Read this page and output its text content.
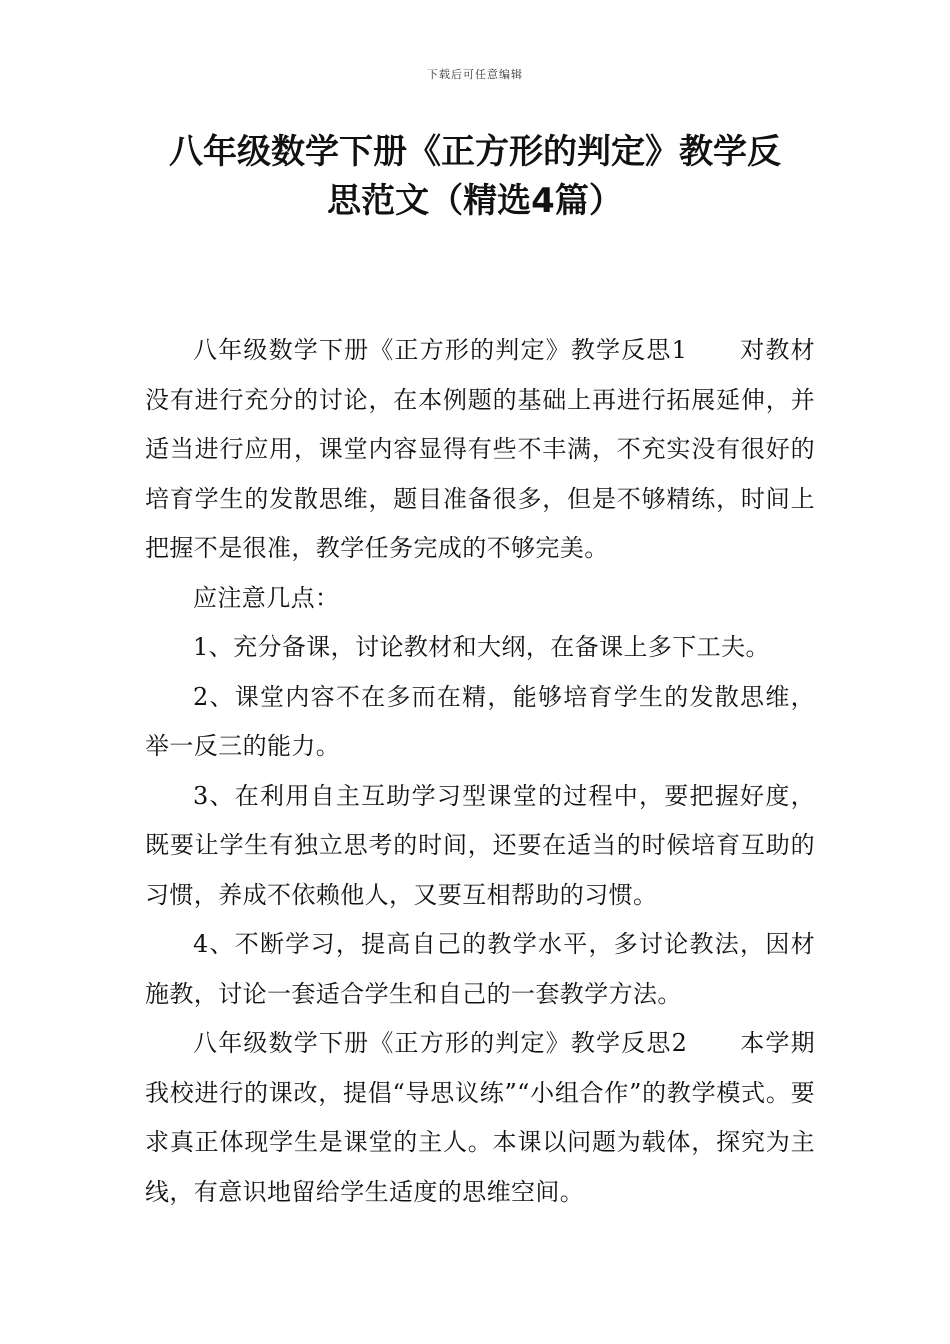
下载后可任意编辑
八年级数学下册《正方形的判定》教学反
思范文（精选4篇）

八年级数学下册《正方形的判定》教学反思1 对教材没有进行充分的讨论，在本例题的基础上再进行拓展延伸，并适当进行应用，课堂内容显得有些不丰满，不充实没有很好的培育学生的发散思维，题目准备很多，但是不够精练，时间上把握不是很准，教学任务完成的不够完美。

应注意几点：

1、充分备课，讨论教材和大纲，在备课上多下工夫。

2、课堂内容不在多而在精，能够培育学生的发散思维，举一反三的能力。

3、在利用自主互助学习型课堂的过程中，要把握好度，既要让学生有独立思考的时间，还要在适当的时候培育互助的习惯，养成不依赖他人，又要互相帮助的习惯。

4、不断学习，提高自己的教学水平，多讨论教法，因材施教，讨论一套适合学生和自己的一套教学方法。

八年级数学下册《正方形的判定》教学反思2 本学期我校进行的课改，提倡“导思议练”“小组合作”的教学模式。要求真正体现学生是课堂的主人。本课以问题为载体，探究为主线，有意识地留给学生适度的思维空间。
